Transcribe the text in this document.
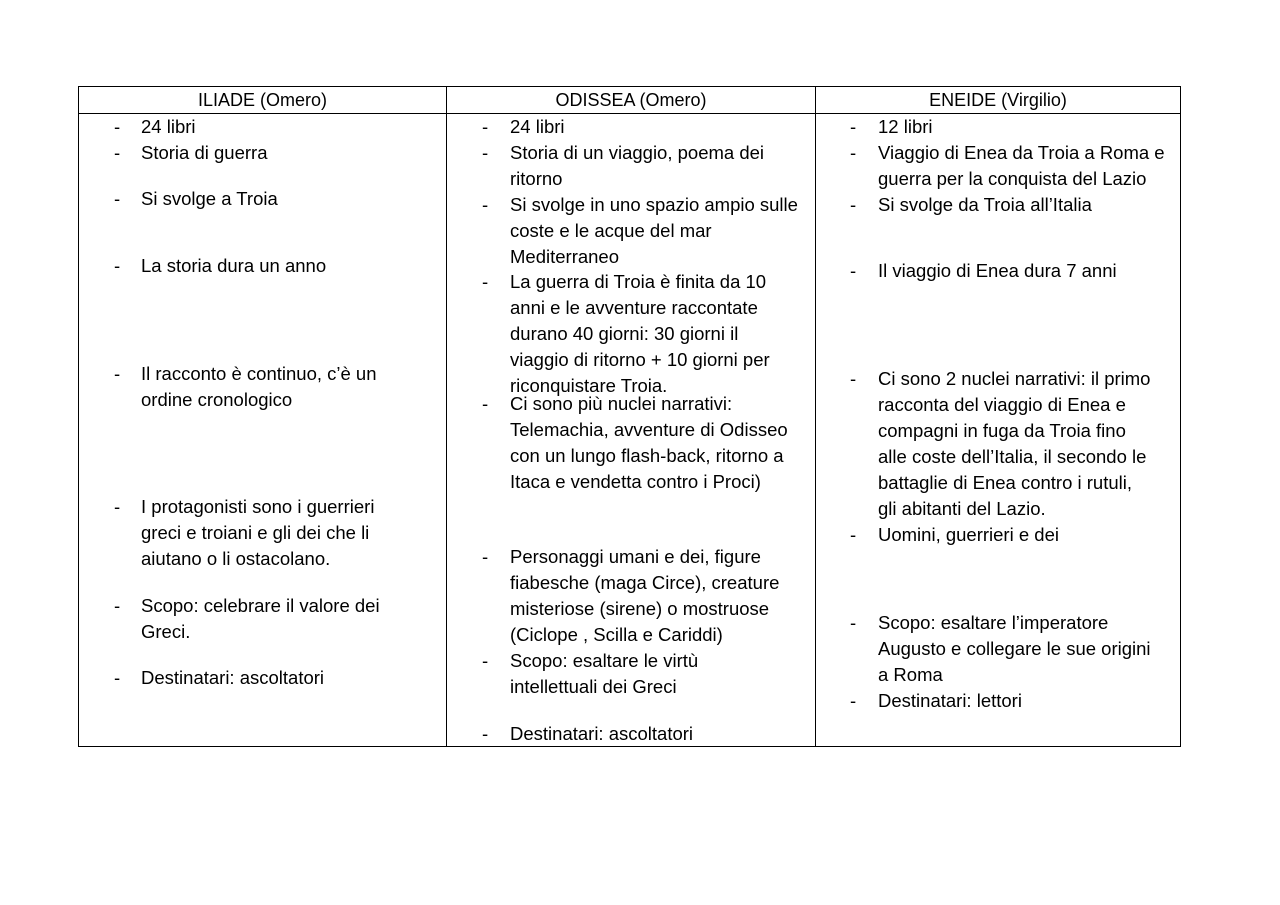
ILIADE (Omero)	ODISSEA (Omero)	ENEIDE (Virgilio)
- 24 libri
- Storia di guerra
- Si svolge a Troia
- La storia dura un anno
- Il racconto è continuo, c’è un
ordine cronologico
- I protagonisti sono i guerrieri
greci e troiani e gli dei che li
aiutano o li ostacolano.
- Scopo: celebrare il valore dei
Greci.
- Destinatari: ascoltatori
- 24 libri
- Storia di un viaggio, poema dei
ritorno
- Si svolge in uno spazio ampio sulle
coste e le acque del mar
Mediterraneo
- La guerra di Troia è finita da 10
anni e le avventure raccontate
durano 40 giorni: 30 giorni il
viaggio di ritorno + 10 giorni per
riconquistare Troia.
- Ci sono più nuclei narrativi:
Telemachia, avventure di Odisseo
con un lungo flash-back, ritorno a
Itaca e vendetta contro i Proci)
- Personaggi umani e dei, figure
fiabesche (maga Circe), creature
misteriose (sirene) o mostruose
(Ciclope , Scilla e Cariddi)
- Scopo: esaltare le virtù
intellettuali dei Greci
- Destinatari: ascoltatori
- 12 libri
- Viaggio di Enea da Troia a Roma e
guerra per la conquista del Lazio
- Si svolge da Troia all’Italia
- Il viaggio di Enea dura 7 anni
- Ci sono 2 nuclei narrativi: il primo
racconta del viaggio di Enea e
compagni in fuga da Troia fino
alle coste dell’Italia, il secondo le
battaglie di Enea contro i rutuli,
gli abitanti del Lazio.
- Uomini, guerrieri e dei
- Scopo: esaltare l’imperatore
Augusto e collegare le sue origini
a Roma
- Destinatari: lettori
